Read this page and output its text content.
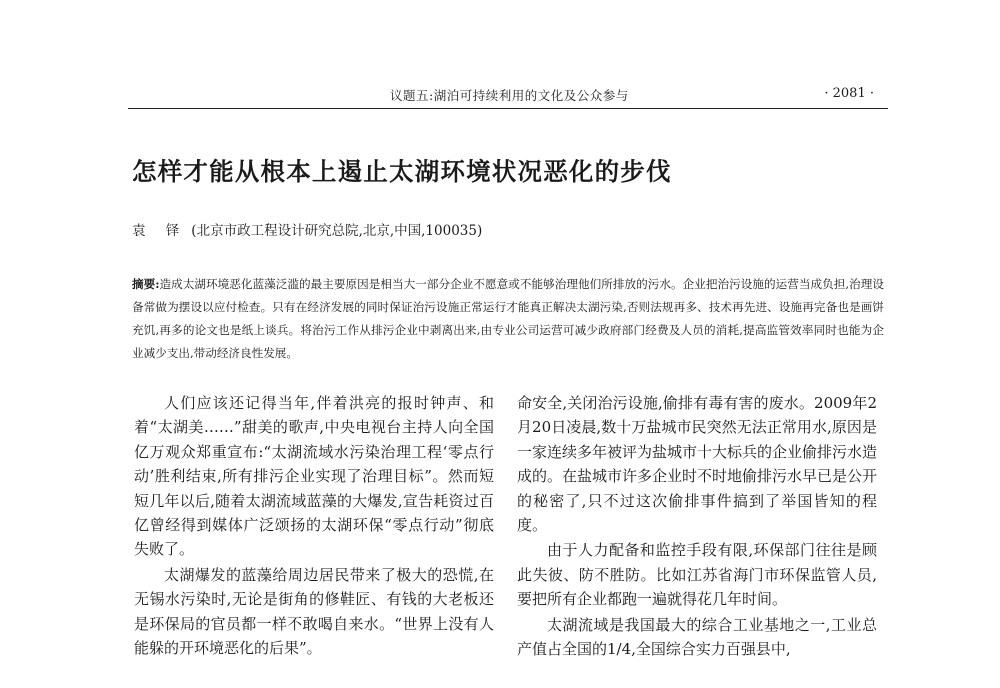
议题五:湖泊可持续利用的文化及公众参与	· 2081 ·
怎样才能从根本上遏止太湖环境状况恶化的步伐
袁 铎 (北京市政工程设计研究总院,北京,中国,100035)
摘要:造成太湖环境恶化蓝藻泛滥的最主要原因是相当大一部分企业不愿意或不能够治理他们所排放的污水。企业把治污设施的运营当成负担,治理设备常做为摆设以应付检查。只有在经济发展的同时保证治污设施正常运行才能真正解决太湖污染,否则法规再多、技术再先进、设施再完备也是画饼充饥,再多的论文也是纸上谈兵。将治污工作从排污企业中剥离出来,由专业公司运营可减少政府部门经费及人员的消耗,提高监管效率同时也能为企业减少支出,带动经济良性发展。

人们应该还记得当年,伴着洪亮的报时钟声、和着“太湖美……”甜美的歌声,中央电视台主持人向全国亿万观众郑重宣布:“太湖流域水污染治理工程‘零点行动’胜利结束,所有排污企业实现了治理目标”。然而短短几年以后,随着太湖流域蓝藻的大爆发,宣告耗资过百亿曾经得到媒体广泛颂扬的太湖环保“零点行动”彻底失败了。

太湖爆发的蓝藻给周边居民带来了极大的恐慌,在无锡水污染时,无论是街角的修鞋匠、有钱的大老板还是环保局的官员都一样不敢喝自来水。“世界上没有人能躲的开环境恶化的后果”。

命安全,关闭治污设施,偷排有毒有害的废水。2009年2月20日凌晨,数十万盐城市民突然无法正常用水,原因是一家连续多年被评为盐城市十大标兵的企业偷排污水造成的。在盐城市许多企业时不时地偷排污水早已是公开的秘密了,只不过这次偷排事件搞到了举国皆知的程度。

由于人力配备和监控手段有限,环保部门往往是顾此失彼、防不胜防。比如江苏省海门市环保监管人员,要把所有企业都跑一遍就得花几年时间。

太湖流域是我国最大的综合工业基地之一,工业总产值占全国的1/4,全国综合实力百强县中,
